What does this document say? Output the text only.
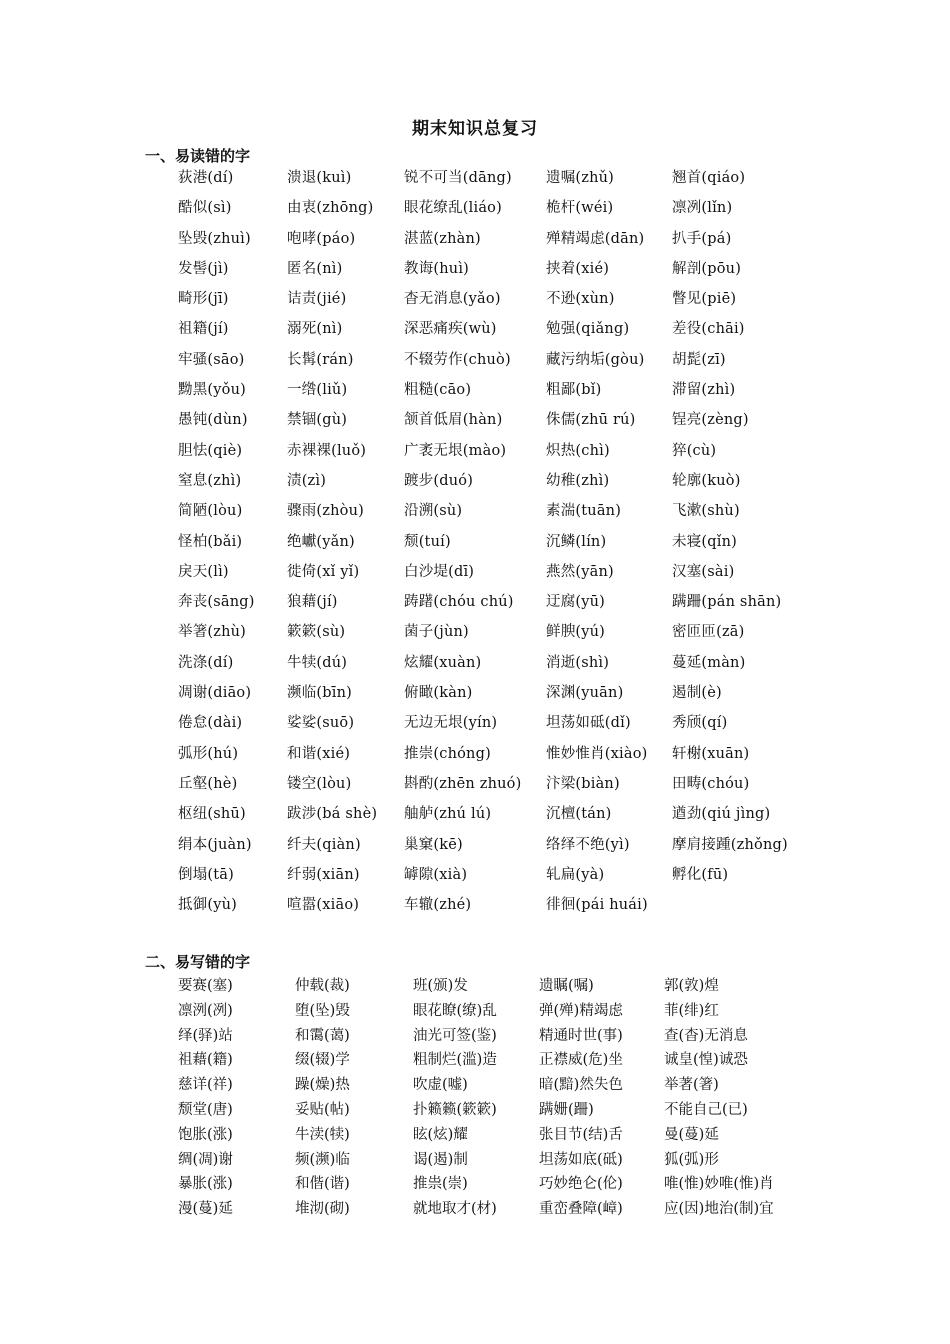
期末知识总复习
一、易读错的字
荻港(dí)	溃退(kuì)	锐不可当(dāng)	遗嘱(zhǔ)	翘首(qiáo)
酷似(sì)	由衷(zhōng)	眼花缭乱(liáo)	桅杆(wéi)	凛冽(lǐn)
坠毁(zhuì)	咆哮(páo)	湛蓝(zhàn)	殚精竭虑(dān)	扒手(pá)
发髻(jì)	匿名(nì)	教诲(huì)	挟着(xié)	解剖(pōu)
畸形(jī)	诘责(jié)	杳无消息(yǎo)	不逊(xùn)	瞥见(piē)
祖籍(jí)	溺死(nì)	深恶痛疾(wù)	勉强(qiǎng)	差役(chāi)
牢骚(sāo)	长髯(rán)	不辍劳作(chuò)	藏污纳垢(gòu)	胡髭(zī)
黝黑(yǒu)	一绺(liǔ)	粗糙(cāo)	粗鄙(bǐ)	滞留(zhì)
愚钝(dùn)	禁锢(gù)	颔首低眉(hàn)	侏儒(zhū rú)	锃亮(zèng)
胆怯(qiè)	赤裸裸(luǒ)	广袤无垠(mào)	炽热(chì)	猝(cù)
窒息(zhì)	渍(zì)	踱步(duó)	幼稚(zhì)	轮廓(kuò)
简陋(lòu)	骤雨(zhòu)	沿溯(sù)	素湍(tuān)	飞漱(shù)
怪柏(bǎi)	绝巘(yǎn)	颓(tuí)	沉鳞(lín)	未寝(qǐn)
戾天(lì)	徙倚(xǐ yǐ)	白沙堤(dī)	燕然(yān)	汉塞(sài)
奔丧(sāng)	狼藉(jí)	踌躇(chóu chú)	迂腐(yū)	蹒跚(pán shān)
举箸(zhù)	簌簌(sù)	菌子(jùn)	鲜腴(yú)	密匝匝(zā)
洗涤(dí)	牛犊(dú)	炫耀(xuàn)	消逝(shì)	蔓延(màn)
凋谢(diāo)	濒临(bīn)	俯瞰(kàn)	深渊(yuān)	遏制(è)
倦怠(dài)	娑娑(suō)	无边无垠(yín)	坦荡如砥(dǐ)	秀颀(qí)
弧形(hú)	和谐(xié)	推崇(chóng)	惟妙惟肖(xiào)	轩榭(xuān)
丘壑(hè)	镂空(lòu)	斟酌(zhēn zhuó)	汴梁(biàn)	田畴(chóu)
枢纽(shū)	跋涉(bá shè)	舳舻(zhú lú)	沉檀(tán)	遒劲(qiú jìng)
绢本(juàn)	纤夫(qiàn)	巢窠(kē)	络绎不绝(yì)	摩肩接踵(zhǒng)
倒塌(tā)	纤弱(xiān)	罅隙(xià)	轧扁(yà)	孵化(fū)
抵御(yù)	喧嚣(xiāo)	车辙(zhé)	徘徊(pái huái)
二、易写错的字
要赛(塞)	仲载(裁)	班(颁)发	遗瞩(嘱)	郭(敦)煌
凛洌(冽)	堕(坠)毁	眼花瞭(缭)乱	弹(殚)精竭虑	菲(绯)红
绎(驿)站	和霭(蔼)	油光可签(鉴)	精通时世(事)	查(杳)无消息
祖藉(籍)	缀(辍)学	粗制烂(滥)造	正襟威(危)坐	诚皇(惶)诚恐
慈详(祥)	躁(燥)热	吹虚(嘘)	暗(黯)然失色	举著(箸)
颓堂(唐)	妥贴(帖)	扑籁籁(簌簌)	蹒姗(跚)	不能自己(已)
饱胀(涨)	牛渎(犊)	眩(炫)耀	张目节(结)舌	曼(蔓)延
绸(凋)谢	频(濒)临	谒(遏)制	坦荡如底(砥)	狐(弧)形
暴胀(涨)	和偕(谐)	推祟(崇)	巧妙绝仑(伦)	唯(惟)妙唯(惟)肖
漫(蔓)延	堆沏(砌)	就地取才(材)	重峦叠障(嶂)	应(因)地治(制)宜
